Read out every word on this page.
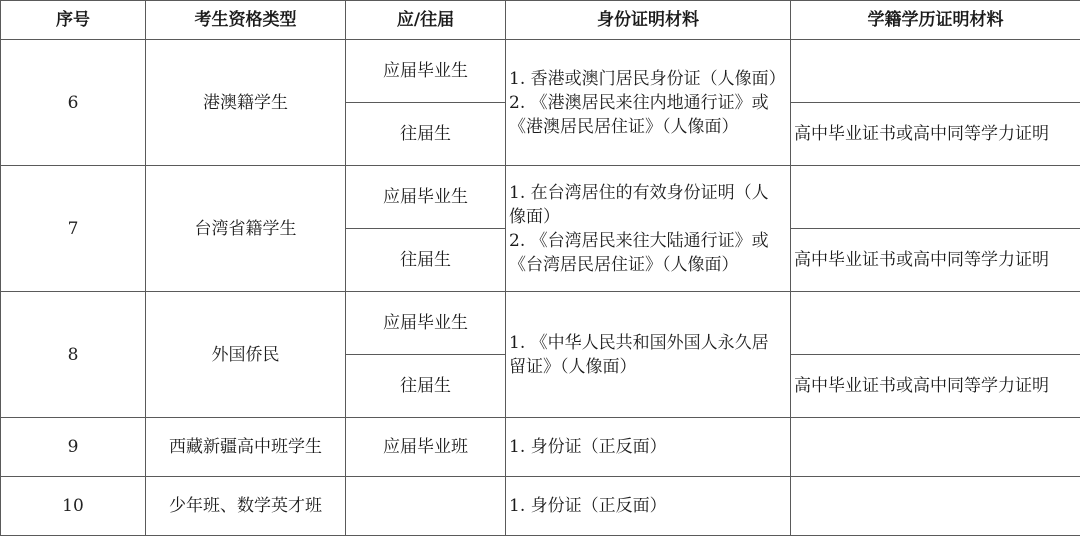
序号	考生资格类型	应/往届	身份证明材料	学籍学历证明材料
6	港澳籍学生	应届毕业生	1. 香港或澳门居民身份证（人像面）
2. 《港澳居民来往内地通行证》或
《港澳居民居住证》（人像面）	

		往届生		高中毕业证书或高中同等学力证明
7	台湾省籍学生	应届毕业生	1. 在台湾居住的有效身份证明（人
像面）
2. 《台湾居民来往大陆通行证》或
《台湾居民居住证》（人像面）	

		往届生		高中毕业证书或高中同等学力证明
8	外国侨民	应届毕业生	1. 《中华人民共和国外国人永久居
留证》（人像面）	

		往届生		高中毕业证书或高中同等学力证明
9	西藏新疆高中班学生	应届毕业班	1. 身份证（正反面）	
10	少年班、数学英才班		1. 身份证（正反面）	
